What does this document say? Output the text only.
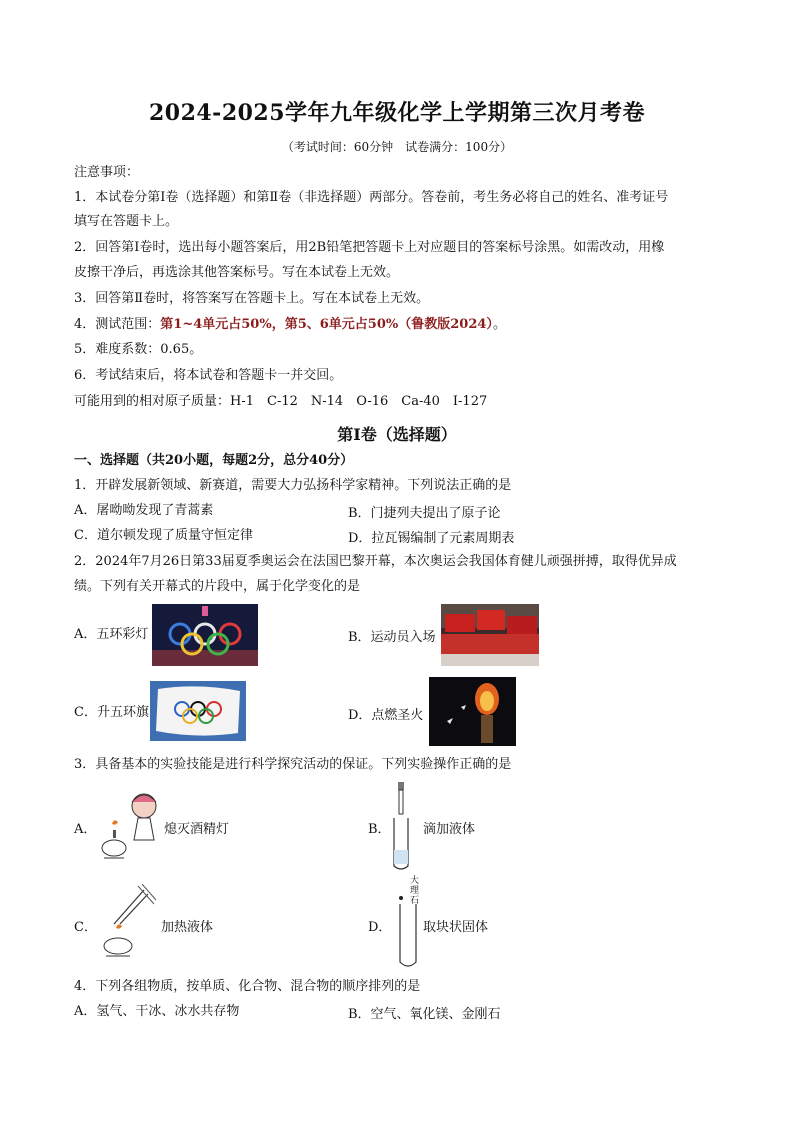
2024-2025学年九年级化学上学期第三次月考卷
（考试时间：60分钟　试卷满分：100分）
注意事项：
1．本试卷分第Ⅰ卷（选择题）和第Ⅱ卷（非选择题）两部分。答卷前，考生务必将自己的姓名、准考证号
填写在答题卡上。
2．回答第Ⅰ卷时，选出每小题答案后，用2B铅笔把答题卡上对应题目的答案标号涂黑。如需改动，用橡
皮擦干净后，再选涂其他答案标号。写在本试卷上无效。
3．回答第Ⅱ卷时，将答案写在答题卡上。写在本试卷上无效。
4．测试范围：第1~4单元占50%，第5、6单元占50%（鲁教版2024）。
5．难度系数：0.65。
6．考试结束后，将本试卷和答题卡一并交回。
可能用到的相对原子质量：H-1　C-12　N-14　O-16　Ca-40　I-127
第Ⅰ卷（选择题）
一、选择题（共20小题，每题2分，总分40分）
1．开辟发展新领域、新赛道，需要大力弘扬科学家精神。下列说法正确的是
A．屠呦呦发现了青蒿素	B．门捷列夫提出了原子论
C．道尔顿发现了质量守恒定律	D．拉瓦锡编制了元素周期表
2．2024年7月26日第33届夏季奥运会在法国巴黎开幕，本次奥运会我国体育健儿顽强拼搏，取得优异成
绩。下列有关开幕式的片段中，属于化学变化的是
A．五环彩灯	B．运动员入场
C．升五环旗	D．点燃圣火
3．具备基本的实验技能是进行科学探究活动的保证。下列实验操作正确的是
A．	熄灭酒精灯	B． 滴加液体
C．	加热液体	D．
大理石
取块状固体
4．下列各组物质，按单质、化合物、混合物的顺序排列的是
A．氢气、干冰、冰水共存物	B．空气、氧化镁、金刚石
